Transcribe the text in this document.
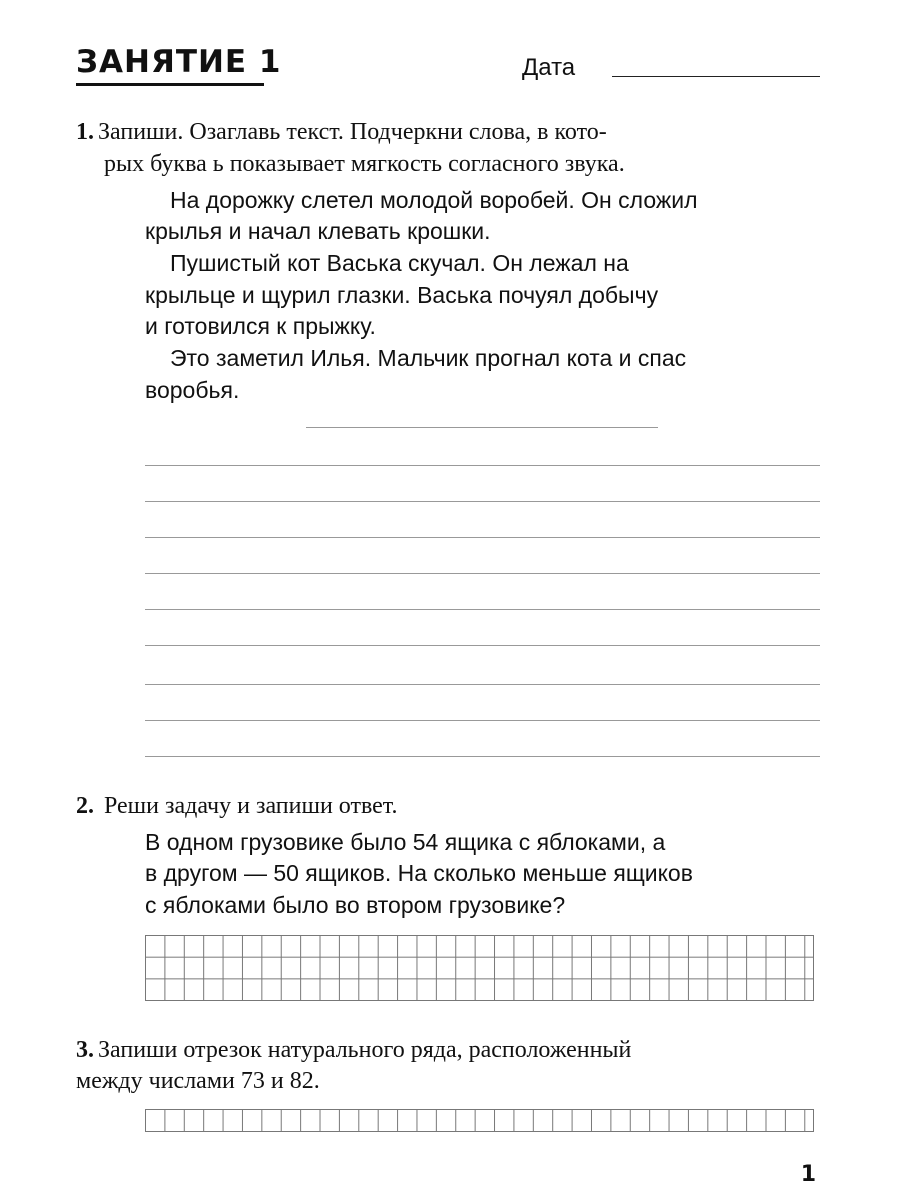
ЗАНЯТИЕ 1	Дата
1. Запиши. Озаглавь текст. Подчеркни слова, в кото-
рых буква ь показывает мягкость согласного звука.
На дорожку слетел молодой воробей. Он сложил
крылья и начал клевать крошки.
Пушистый кот Васька скучал. Он лежал на
крыльце и щурил глазки. Васька почуял добычу
и готовился к прыжку.
Это заметил Илья. Мальчик прогнал кота и спас
воробья.
2. Реши задачу и запиши ответ.
В одном грузовике было 54 ящика с яблоками, а
в другом — 50 ящиков. На сколько меньше ящиков
с яблоками было во втором грузовике?
3. Запиши отрезок натурального ряда, расположенный
между числами 73 и 82.
1
